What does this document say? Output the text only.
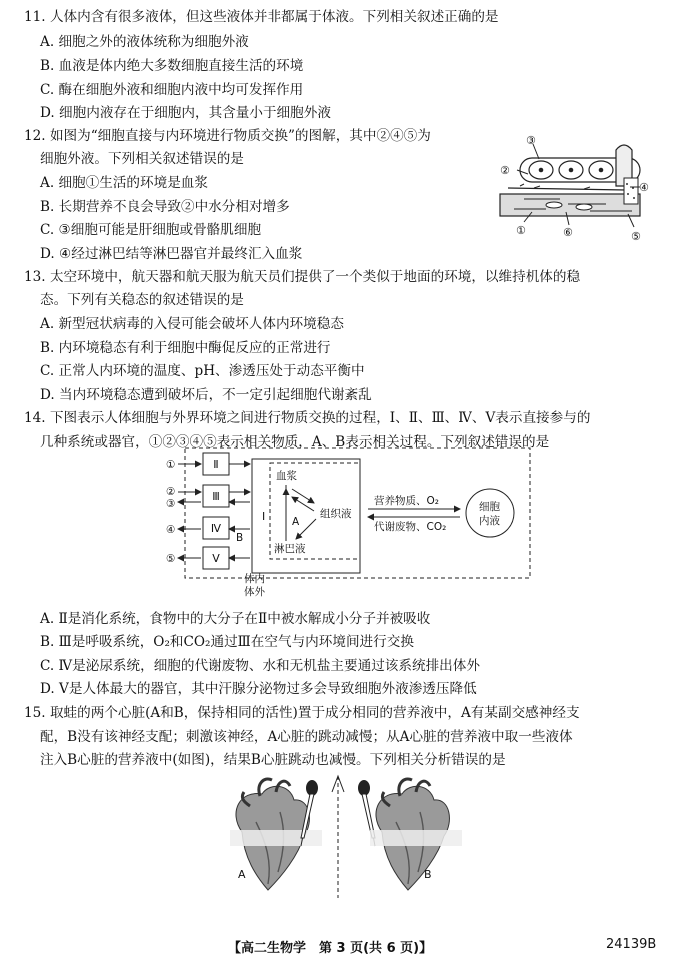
11. 人体内含有很多液体，但这些液体并非都属于体液。下列相关叙述正确的是
A. 细胞之外的液体统称为细胞外液
B. 血液是体内绝大多数细胞直接生活的环境
C. 酶在细胞外液和细胞内液中均可发挥作用
D. 细胞内液存在于细胞内，其含量小于细胞外液
12. 如图为“细胞直接与内环境进行物质交换”的图解，其中②④⑤为
细胞外液。下列相关叙述错误的是
A. 细胞①生活的环境是血浆
B. 长期营养不良会导致②中水分相对增多
C. ③细胞可能是肝细胞或骨骼肌细胞
D. ④经过淋巴结等淋巴器官并最终汇入血浆
③
②
④
①	⑥	⑤
13. 太空环境中，航天器和航天服为航天员们提供了一个类似于地面的环境，以维持机体的稳
态。下列有关稳态的叙述错误的是
A. 新型冠状病毒的入侵可能会破坏人体内环境稳态
B. 内环境稳态有利于细胞中酶促反应的正常进行
C. 正常人内环境的温度、pH、渗透压处于动态平衡中
D. 当内环境稳态遭到破坏后，不一定引起细胞代谢紊乱
14. 下图表示人体细胞与外界环境之间进行物质交换的过程，Ⅰ、Ⅱ、Ⅲ、Ⅳ、Ⅴ表示直接参与的
几种系统或器官，①②③④⑤表示相关物质，A、B表示相关过程。下列叙述错误的是
Ⅱ
Ⅲ
Ⅳ
Ⅴ
Ⅰ
①
②
③
④
⑤
血浆
组织液
淋巴液
A
B
细胞
内液
营养物质、O₂
代谢废物、CO₂
体内
体外
A. Ⅱ是消化系统，食物中的大分子在Ⅱ中被水解成小分子并被吸收
B. Ⅲ是呼吸系统，O₂和CO₂通过Ⅲ在空气与内环境间进行交换
C. Ⅳ是泌尿系统，细胞的代谢废物、水和无机盐主要通过该系统排出体外
D. Ⅴ是人体最大的器官，其中汗腺分泌物过多会导致细胞外液渗透压降低
15. 取蛙的两个心脏(A和B，保持相同的活性)置于成分相同的营养液中，A有某副交感神经支
配，B没有该神经支配；刺激该神经，A心脏的跳动减慢；从A心脏的营养液中取一些液体
注入B心脏的营养液中(如图)，结果B心脏跳动也减慢。下列相关分析错误的是
A	B
【高二生物学　第 3 页(共 6 页)】	24139B
